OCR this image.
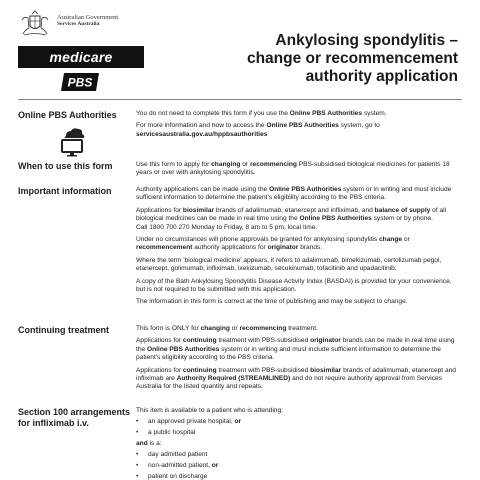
Australian Government
Services Australia
medicare
PBS
Ankylosing spondylitis –
change or recommencement
authority application
Online PBS Authorities	You do not need to complete this form if you use the Online PBS Authorities system.

For more information and how to access the Online PBS Authorities system, go to
servicesaustralia.gov.au/hppbsauthorities

When to use this form	Use this form to apply for changing or recommencing PBS-subsidised biological medicines for patients 18 years or over with ankylosing spondylitis.

Important information	Authority applications can be made using the Online PBS Authorities system or in writing and must include sufficient information to determine the patient's eligibility according to the PBS criteria.

Applications for biosimilar brands of adalimumab, etanercept and infliximab, and balance of supply of all biological medicines can be made in real time using the Online PBS Authorities system or by phone.
Call 1800 700 270 Monday to Friday, 8 am to 5 pm, local time.

Under no circumstances will phone approvals be granted for ankylosing spondylitis change or recommencement authority applications for originator brands.

Where the term 'biological medicine' appears, it refers to adalimumab, bimekizumab, certolizumab pegol, etanercept, golimumab, infliximab, ixekizumab, secukinumab, tofacitinib and upadacitinib.

A copy of the Bath Ankylosing Spondylitis Disease Activity Index (BASDAI) is provided for your convenience, but is not required to be submitted with this application.

The information in this form is correct at the time of publishing and may be subject to change.

Continuing treatment	This form is ONLY for changing or recommencing treatment.

Applications for continuing treatment with PBS-subsidised originator brands can be made in real time using the Online PBS Authorities system or in writing and must include sufficient information to determine the patient's eligibility according to the PBS criteria.

Applications for continuing treatment with PBS-subsidised biosimilar brands of adalimumab, etanercept and infliximab are Authority Required (STREAMLINED) and do not require authority approval from Services Australia for the listed quantity and repeats.

Section 100 arrangements
for infliximab i.v.

This item is available to a patient who is attending:

• an approved private hospital, or
• a public hospital

and is a:

• day admitted patient
• non-admitted patient, or
• patient on discharge
